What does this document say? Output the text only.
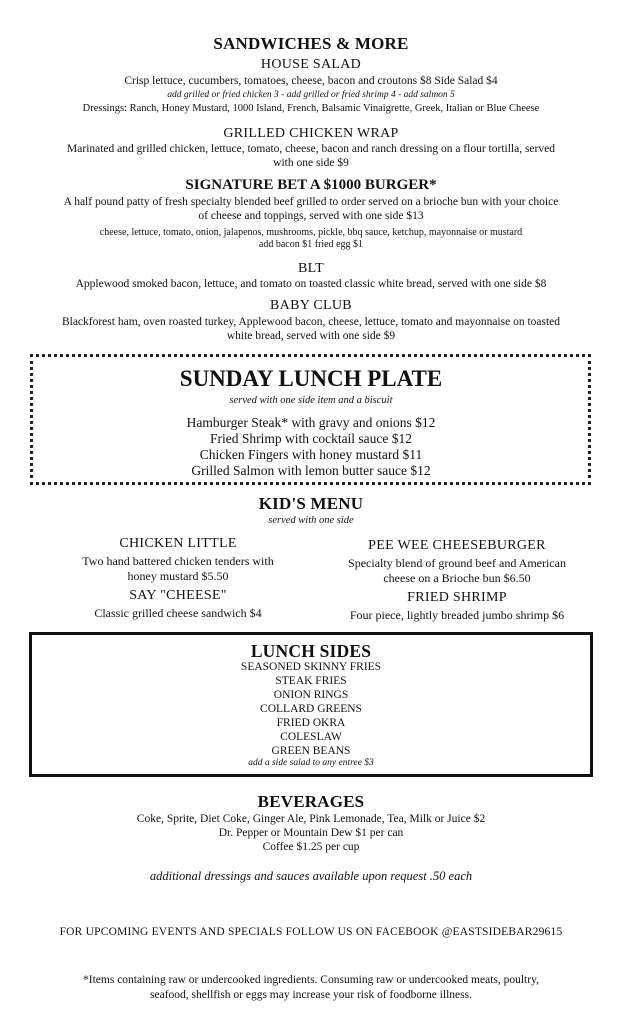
SANDWICHES & MORE
HOUSE SALAD
Crisp lettuce, cucumbers, tomatoes, cheese, bacon and croutons $8 Side Salad $4
add grilled or fried chicken 3 - add grilled or fried shrimp 4 - add salmon 5
Dressings: Ranch, Honey Mustard, 1000 Island, French, Balsamic Vinaigrette, Greek, Italian or Blue Cheese
GRILLED CHICKEN WRAP
Marinated and grilled chicken, lettuce, tomato, cheese, bacon and ranch dressing on a flour tortilla, served
with one side $9
SIGNATURE BET A $1000 BURGER*
A half pound patty of fresh specialty blended beef grilled to order served on a brioche bun with your choice
of cheese and toppings, served with one side $13
cheese, lettuce, tomato, onion, jalapenos, mushrooms, pickle, bbq sauce, ketchup, mayonnaise or mustard
add bacon $1 fried egg $1
BLT
Applewood smoked bacon, lettuce, and tomato on toasted classic white bread, served with one side $8
BABY CLUB
Blackforest ham, oven roasted turkey, Applewood bacon, cheese, lettuce, tomato and mayonnaise on toasted
white bread, served with one side $9
SUNDAY LUNCH PLATE
served with one side item and a biscuit
Hamburger Steak* with gravy and onions $12
Fried Shrimp with cocktail sauce $12
Chicken Fingers with honey mustard $11
Grilled Salmon with lemon butter sauce $12
KID'S MENU
served with one side
CHICKEN LITTLE
Two hand battered chicken tenders with
honey mustard $5.50
SAY "CHEESE"
Classic grilled cheese sandwich $4
PEE WEE CHEESEBURGER
Specialty blend of ground beef and American
cheese on a Brioche bun $6.50
FRIED SHRIMP
Four piece, lightly breaded jumbo shrimp $6
LUNCH SIDES
SEASONED SKINNY FRIES
STEAK FRIES
ONION RINGS
COLLARD GREENS
FRIED OKRA
COLESLAW
GREEN BEANS
add a side salad to any entree $3
BEVERAGES
Coke, Sprite, Diet Coke, Ginger Ale, Pink Lemonade, Tea, Milk or Juice $2
Dr. Pepper or Mountain Dew $1 per can
Coffee $1.25 per cup
additional dressings and sauces available upon request .50 each
FOR UPCOMING EVENTS AND SPECIALS FOLLOW US ON FACEBOOK @EASTSIDEBAR29615
*Items containing raw or undercooked ingredients. Consuming raw or undercooked meats, poultry,
seafood, shellfish or eggs may increase your risk of foodborne illness.
